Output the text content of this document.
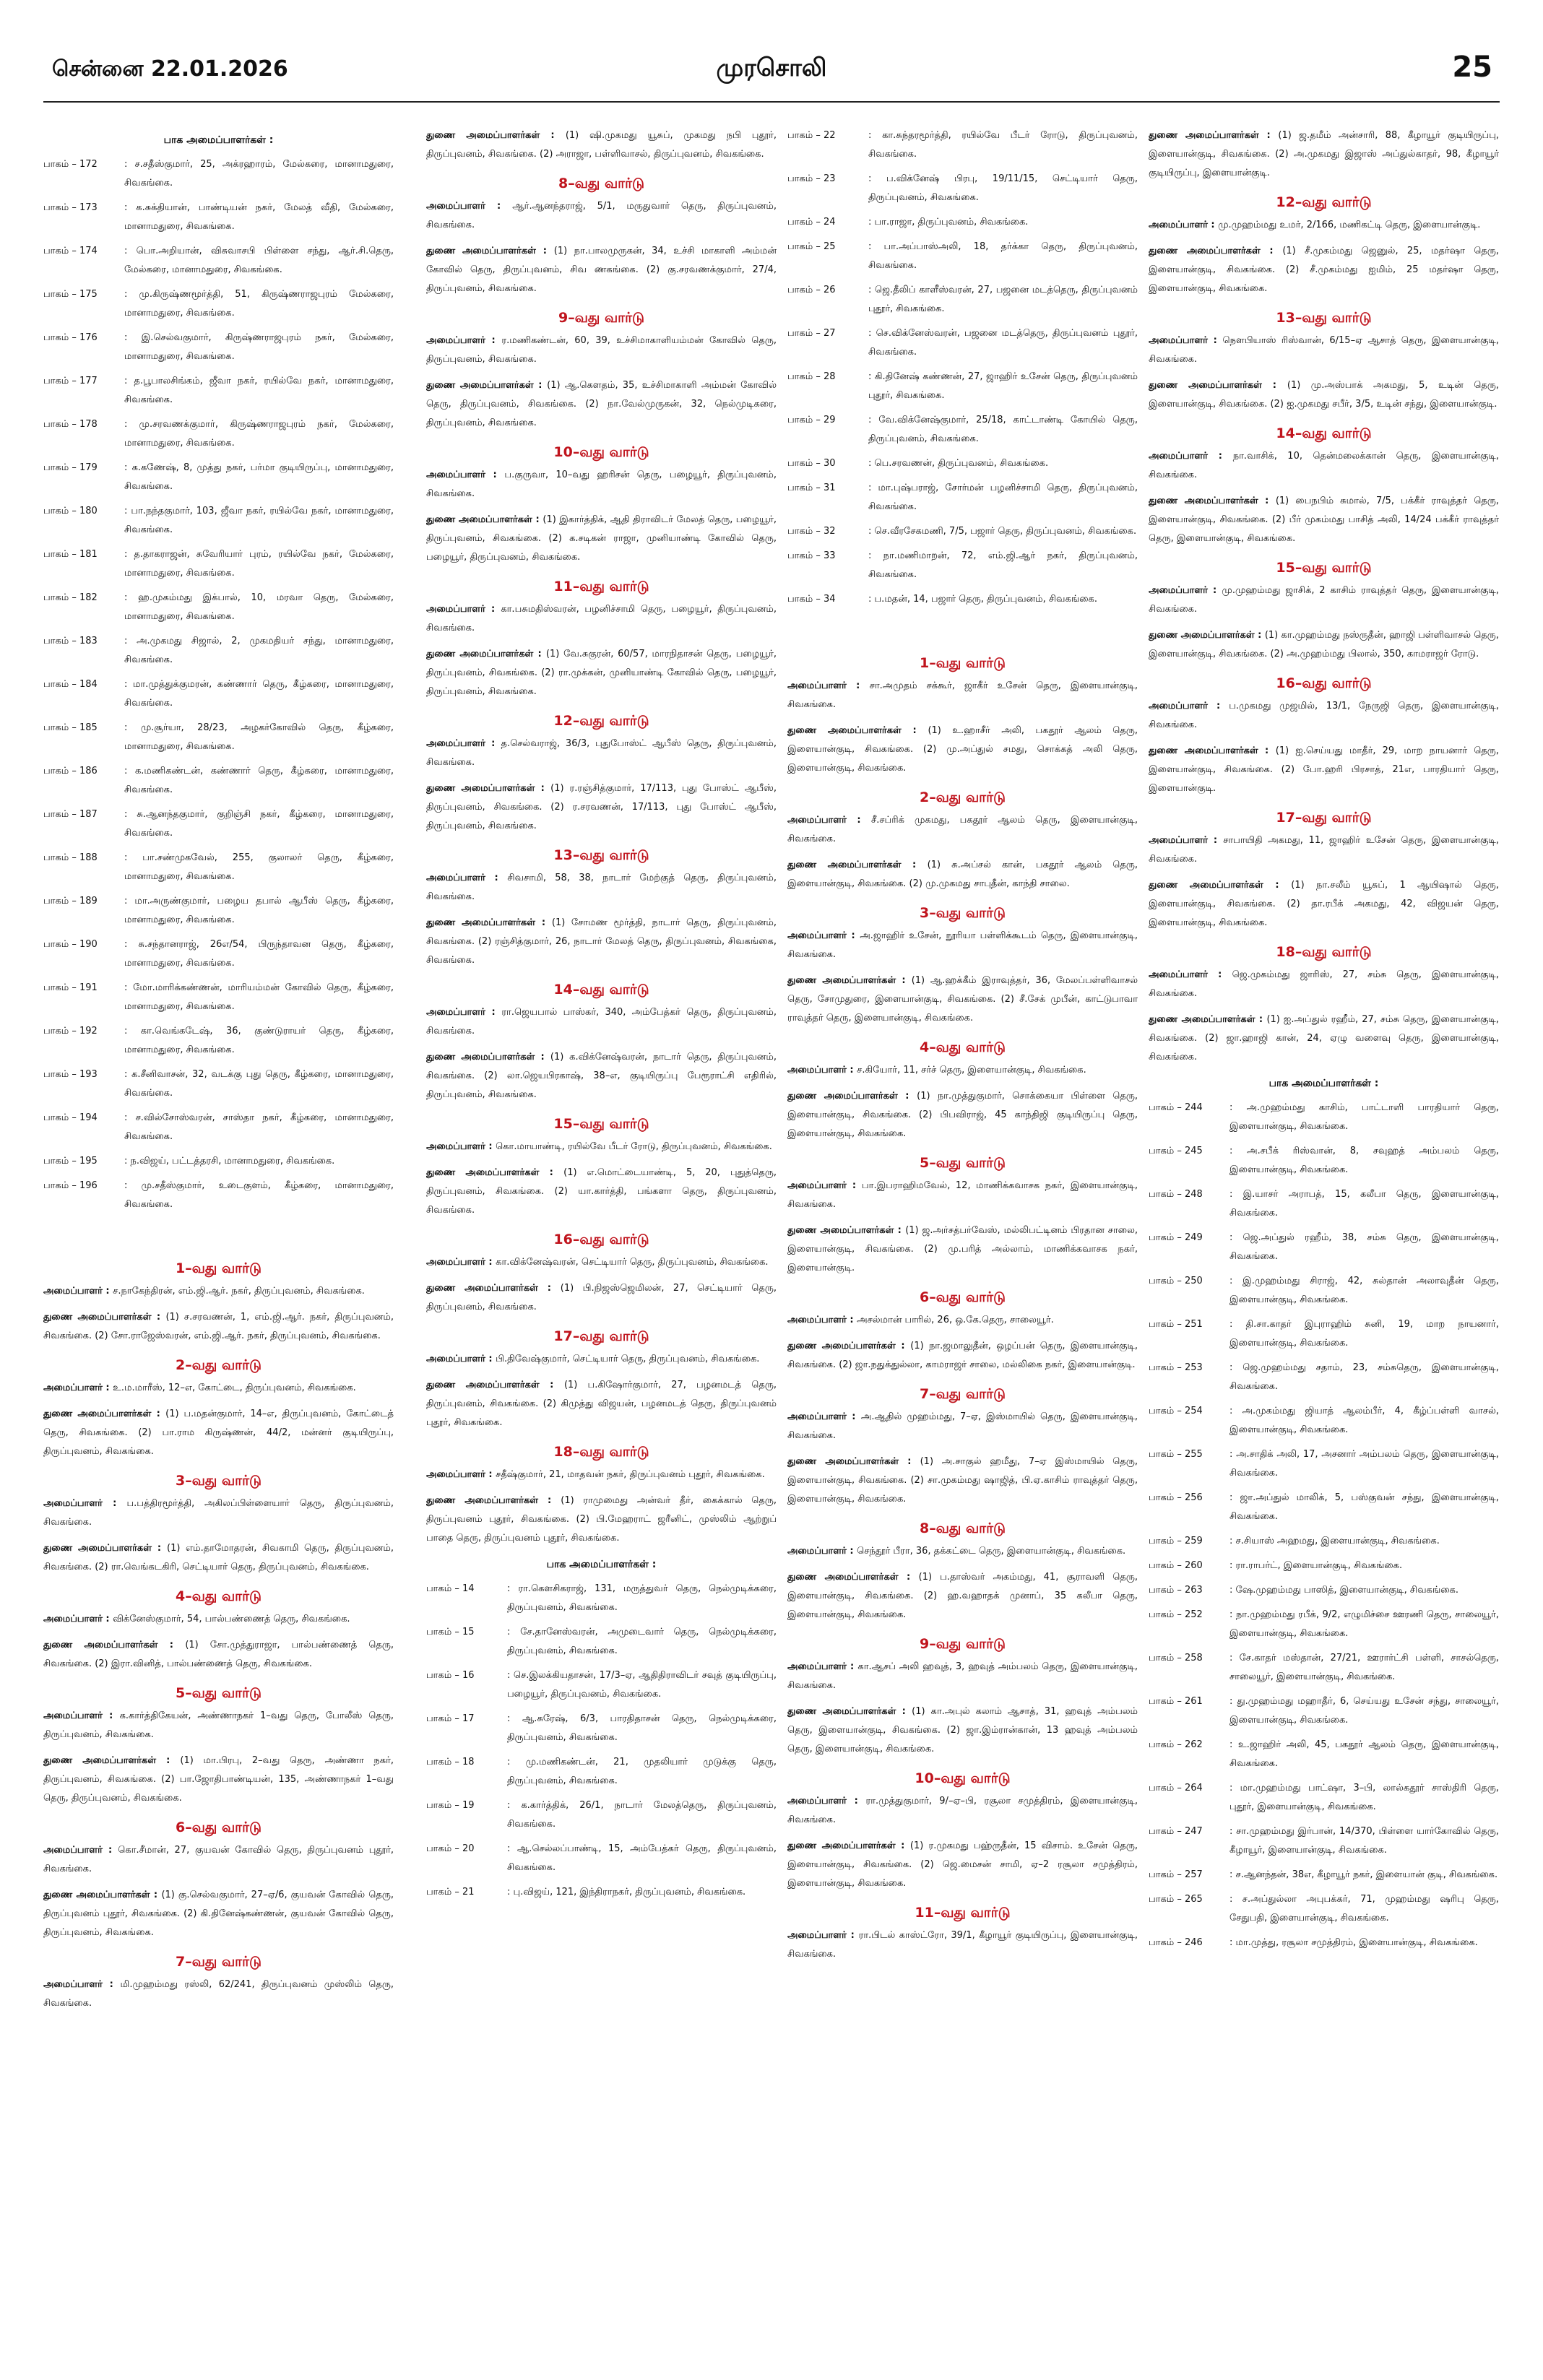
சென்னை 22.01.2026	முரசொலி	25
பாக அமைப்பாளர்கள் :
பாகம் – 172	: ச.சதீஸ்குமார், 25, அக்ரஹாரம், மேல்கரை, மானாமதுரை, சிவகங்கை.
பாகம் – 173	: க.சுக்தியான், பாண்டியன் நகர், மேலத் வீதி, மேல்கரை, மானாமதுரை, சிவகங்கை.
பாகம் – 174	: பொ.அறியான், விசுவாசபி பிள்ளை சந்து, ஆர்.சி.தெரு, மேல்கரை, மானாமதுரை, சிவகங்கை.
பாகம் – 175	: மு.கிருஷ்ணமூர்த்தி, 51, கிருஷ்ணராஜபுரம் மேல்கரை, மானாமதுரை, சிவகங்கை.
பாகம் – 176	: இ.செல்வகுமார், கிருஷ்ணராஜபுரம் நகர், மேல்கரை, மானாமதுரை, சிவகங்கை.
பாகம் – 177	: த.பூபாலசிங்கம், ஜீவா நகர், ரயில்வே நகர், மானாமதுரை, சிவகங்கை.
பாகம் – 178	: மு.சரவணக்குமார், கிருஷ்ணராஜபுரம் நகர், மேல்கரை, மானாமதுரை, சிவகங்கை.
பாகம் – 179	: க.கணேஷ், 8, முத்து நகர், பர்மா குடியிருப்பு, மானாமதுரை, சிவகங்கை.
பாகம் – 180	: பா.நந்தகுமார், 103, ஜீவா நகர், ரயில்வே நகர், மானாமதுரை, சிவகங்கை.
பாகம் – 181	: த.தாகராஜன், சுவேரியார் புரம், ரயில்வே நகர், மேல்கரை, மானாமதுரை, சிவகங்கை.
பாகம் – 182	: ஹ.முகம்மது இக்பால், 10, மரவா தெரு, மேல்கரை, மானாமதுரை, சிவகங்கை.
பாகம் – 183	: அ.முகமது சிஜால், 2, முகமதியர் சந்து, மானாமதுரை, சிவகங்கை.
பாகம் – 184	: மா.முத்துக்குமரன், கண்ணார் தெரு, கீழ்கரை, மானாமதுரை, சிவகங்கை.
பாகம் – 185	: மு.சூர்யா, 28/23, அழகர்கோவில் தெரு, கீழ்கரை, மானாமதுரை, சிவகங்கை.
பாகம் – 186	: க.மணிகண்டன், கண்ணார் தெரு, கீழ்கரை, மானாமதுரை, சிவகங்கை.
பாகம் – 187	: சு.ஆனந்தகுமார், குறிஞ்சி நகர், கீழ்கரை, மானாமதுரை, சிவகங்கை.
பாகம் – 188	: பா.சண்முகவேல், 255, குலாலர் தெரு, கீழ்கரை, மானாமதுரை, சிவகங்கை.
பாகம் – 189	: மா.அருண்குமார், பழைய தபால் ஆபீஸ் தெரு, கீழ்கரை, மானாமதுரை, சிவகங்கை.
பாகம் – 190	: சு.சந்தானராஜ், 26எ/54, பிருந்தாவன தெரு, கீழ்கரை, மானாமதுரை, சிவகங்கை.
பாகம் – 191	: மோ.மாரிக்கண்ணன், மாரியம்மன் கோவில் தெரு, கீழ்கரை, மானாமதுரை, சிவகங்கை.
பாகம் – 192	: கா.வெங்கடேஷ், 36, குண்டுராயர் தெரு, கீழ்கரை, மானாமதுரை, சிவகங்கை.
பாகம் – 193	: க.சீனிவாசன், 32, வடக்கு புது தெரு, கீழ்கரை, மானாமதுரை, சிவகங்கை.
பாகம் – 194	: ச.வில்சோஸ்வரன், சாஸ்தா நகர், கீழ்கரை, மானாமதுரை, சிவகங்கை.
பாகம் – 195	: ந.விஜய், பட்டத்தரசி, மானாமதுரை, சிவகங்கை.
பாகம் – 196	: மு.சதீஸ்குமார், உடைகுளம், கீழ்கரை, மானாமதுரை, சிவகங்கை.
1–வது வார்டு
அமைப்பாளர் : ச.நாகேந்திரன், எம்.ஜி.ஆர். நகர், திருப்புவனம், சிவகங்கை.
துணை அமைப்பாளர்கள் : (1) ச.சரவணன், 1, எம்.ஜி.ஆர். நகர், திருப்புவனம், சிவகங்கை. (2) சோ.ராஜேஸ்வரன், எம்.ஜி.ஆர். நகர், திருப்புவனம், சிவகங்கை.
2–வது வார்டு
அமைப்பாளர் : உ.ம.மாரீஸ், 12–எ, கோட்டை, திருப்புவனம், சிவகங்கை.
துணை அமைப்பாளர்கள் : (1) ப.மதன்குமார், 14–எ, திருப்புவனம், கோட்டைத் தெரு, சிவகங்கை. (2) பா.ராம கிருஷ்ணன், 44/2, மன்னர் குடியிருப்பு, திருப்புவனம், சிவகங்கை.
3–வது வார்டு
அமைப்பாளர் : ப.பத்திரமூர்த்தி, அகிலப்பிள்ளையார் தெரு, திருப்புவனம், சிவகங்கை.
துணை அமைப்பாளர்கள் : (1) எம்.தாமோதரன், சிவகாமி தெரு, திருப்புவனம், சிவகங்கை. (2) ரா.வெங்கடகிரி, செட்டியார் தெரு, திருப்புவனம், சிவகங்கை.
4–வது வார்டு
அமைப்பாளர் : விக்னேஸ்குமார், 54, பால்பண்ணைத் தெரு, சிவகங்கை.
துணை அமைப்பாளர்கள் : (1) சோ.முத்துராஜா, பால்பண்ணைத் தெரு, சிவகங்கை. (2) இரா.வினித், பால்பண்ணைத் தெரு, சிவகங்கை.
5–வது வார்டு
அமைப்பாளர் : க.கார்த்திகேயன், அண்ணாநகர் 1–வது தெரு, போலீஸ் தெரு, திருப்புவனம், சிவகங்கை.
துணை அமைப்பாளர்கள் : (1) மா.பிரபு, 2–வது தெரு, அண்ணா நகர், திருப்புவனம், சிவகங்கை. (2) பா.ஜோதிபாண்டியன், 135, அண்ணாநகர் 1–வது தெரு, திருப்புவனம், சிவகங்கை.
6–வது வார்டு
அமைப்பாளர் : கொ.சீமான், 27, குயவன் கோவில் தெரு, திருப்புவனம் புதூர், சிவகங்கை.
துணை அமைப்பாளர்கள் : (1) கு.செல்வகுமார், 27–ஏ/6, குயவன் கோவில் தெரு, திருப்புவனம் புதூர், சிவகங்கை. (2) கி.தினேஷ்கண்ணன், குயவன் கோவில் தெரு, திருப்புவனம், சிவகங்கை.
7–வது வார்டு
அமைப்பாளர் : மி.முஹம்மது ரஸ்லி, 62/241, திருப்புவனம் முஸ்லிம் தெரு, சிவகங்கை.
துணை அமைப்பாளர்கள் : (1) ஷி.முகமது யூசுப், முகமது நபி புதூர், திருப்புவனம், சிவகங்கை. (2) அராஜா, பள்ளிவாசல், திருப்புவனம், சிவகங்கை.
8–வது வார்டு
அமைப்பாளர் : ஆர்.ஆனந்தராஜ், 5/1, மருதுவார் தெரு, திருப்புவனம், சிவகங்கை.
துணை அமைப்பாளர்கள் : (1) நா.பாலமுருகன், 34, உச்சி மாகாளி அம்மன் கோவில் தெரு, திருப்புவனம், சிவ ணகங்கை. (2) கு.சரவணக்குமார், 27/4, திருப்புவனம், சிவகங்கை.
9–வது வார்டு
அமைப்பாளர் : ர.மணிகண்டன், 60, 39, உச்சிமாகாளியம்மன் கோவில் தெரு, திருப்புவனம், சிவகங்கை.
துணை அமைப்பாளர்கள் : (1) ஆ.கௌதம், 35, உச்சிமாகாளி அம்மன் கோவில் தெரு, திருப்புவனம், சிவகங்கை. (2) நா.வேல்முருகன், 32, நெல்முடிகரை, திருப்புவனம், சிவகங்கை.
10–வது வார்டு
அமைப்பாளர் : ப.குருவா, 10–வது ஹரிசன் தெரு, பழையூர், திருப்புவனம், சிவகங்கை.
துணை அமைப்பாளர்கள் : (1) இகார்த்திக், ஆதி திராவிடர் மேலத் தெரு, பழையூர், திருப்புவனம், சிவகங்கை. (2) க.சடிகன் ராஜா, முனியாண்டி கோவில் தெரு, பழையூர், திருப்புவனம், சிவகங்கை.
11–வது வார்டு
அமைப்பாளர் : கா.பசுமதிஸ்வரன், பழனிச்சாமி தெரு, பழையூர், திருப்புவனம், சிவகங்கை.
துணை அமைப்பாளர்கள் : (1) வே.சுகுரன், 60/57, மாரநிதாசன் தெரு, பழையூர், திருப்புவனம், சிவகங்கை. (2) ரா.முக்கன், முனியாண்டி கோவில் தெரு, பழையூர், திருப்புவனம், சிவகங்கை.
12–வது வார்டு
அமைப்பாளர் : த.செல்வராஜ், 36/3, புதுபோஸ்ட் ஆபீஸ் தெரு, திருப்புவனம், சிவகங்கை.
துணை அமைப்பாளர்கள் : (1) ர.ரஞ்சித்குமார், 17/113, புது போஸ்ட் ஆபீஸ், திருப்புவனம், சிவகங்கை. (2) ர.சரவணன், 17/113, புது போஸ்ட் ஆபீஸ், திருப்புவனம், சிவகங்கை.
13–வது வார்டு
அமைப்பாளர் : சிவசாமி, 58, 38, நாடார் மேற்குத் தெரு, திருப்புவனம், சிவகங்கை.
துணை அமைப்பாளர்கள் : (1) சோமண மூர்த்தி, நாடார் தெரு, திருப்புவனம், சிவகங்கை. (2) ரஞ்சித்குமார், 26, நாடார் மேலத் தெரு, திருப்புவனம், சிவகங்கை, சிவகங்கை.
14–வது வார்டு
அமைப்பாளர் : ரா.ஜெயபால் பாஸ்கர், 340, அம்பேத்கர் தெரு, திருப்புவனம், சிவகங்கை.
துணை அமைப்பாளர்கள் : (1) க.விக்னேஷ்வரன், நாடார் தெரு, திருப்புவனம், சிவகங்கை. (2) லா.ஜெயபிரகாஷ், 38–எ, குடியிருப்பு பேரூராட்சி எதிரில், திருப்புவனம், சிவகங்கை.
15–வது வார்டு
அமைப்பாளர் : கொ.மாயாண்டி, ரயில்வே பீடர் ரோடு, திருப்புவனம், சிவகங்கை.
துணை அமைப்பாளர்கள் : (1) எ.மொட்டையாண்டி, 5, 20, புதுத்தெரு, திருப்புவனம், சிவகங்கை. (2) யா.கார்த்தி, பங்களா தெரு, திருப்புவனம், சிவகங்கை.
16–வது வார்டு
அமைப்பாளர் : கா.விக்னேஷ்வரன், செட்டியார் தெரு, திருப்புவனம், சிவகங்கை.
துணை அமைப்பாளர்கள் : (1) பி.நிஜஸ்ஜெமிலன், 27, செட்டியார் தெரு, திருப்புவனம், சிவகங்கை.
17–வது வார்டு
அமைப்பாளர் : பி.திவேஷ்குமார், செட்டியார் தெரு, திருப்புவனம், சிவகங்கை.
துணை அமைப்பாளர்கள் : (1) ப.கிஷோர்குமார், 27, பழனமடத் தெரு, திருப்புவனம், சிவகங்கை. (2) கிமுத்து விஜயன், பழனமடத் தெரு, திருப்புவனம் புதூர், சிவகங்கை.
18–வது வார்டு
அமைப்பாளர் : சதீஷ்குமார், 21, மாதவன் நகர், திருப்புவனம் புதூர், சிவகங்கை.
துணை அமைப்பாளர்கள் : (1) ராமுமைது அன்வர் தீர், கைக்கால் தெரு, திருப்புவனம் புதூர், சிவகங்கை. (2) பி.மேஹராட் ஜரீனிட், முஸ்லிம் ஆற்றுப் பாதை தெரு, திருப்புவனம் புதூர், சிவகங்கை.
பாக அமைப்பாளர்கள் :
பாகம் – 14	: ரா.கௌசிகராஜ், 131, மருத்துவர் தெரு, நெல்முடிக்கரை, திருப்புவனம், சிவகங்கை.
பாகம் – 15	: சே.தானேஸ்வரன், அமுடைவார் தெரு, நெல்முடிக்கரை, திருப்புவனம், சிவகங்கை.
பாகம் – 16	: செ.இலக்கியதாசன், 17/3–ஏ, ஆதிதிராவிடர் சவுத் குடியிருப்பு, பழையூர், திருப்புவனம், சிவகங்கை.
பாகம் – 17	: ஆ.சுரேஷ், 6/3, பாரதிதாசன் தெரு, நெல்முடிக்கரை, திருப்புவனம், சிவகங்கை.
பாகம் – 18	: மு.மணிகண்டன், 21, முதலியார் முடுக்கு தெரு, திருப்புவனம், சிவகங்கை.
பாகம் – 19	: க.கார்த்திக், 26/1, நாடார் மேலத்தெரு, திருப்புவனம், சிவகங்கை.
பாகம் – 20	: ஆ.செல்லப்பாண்டி, 15, அம்பேத்கர் தெரு, திருப்புவனம், சிவகங்கை.
பாகம் – 21	: பு.விஜய், 121, இந்திராநகர், திருப்புவனம், சிவகங்கை.
பாகம் – 22	: கா.சுந்தரமூர்த்தி, ரயில்வே பீடர் ரோடு, திருப்புவனம், சிவகங்கை.
பாகம் – 23	: ப.விக்னேஷ் பிரபு, 19/11/15, செட்டியார் தெரு, திருப்புவனம், சிவகங்கை.
பாகம் – 24	: பா.ராஜா, திருப்புவனம், சிவகங்கை.
பாகம் – 25	: பா.அப்பாஸ்அலி, 18, தர்க்கா தெரு, திருப்புவனம், சிவகங்கை.
பாகம் – 26	: ஜெ.தீலிப் காளீஸ்வரன், 27, பஜனை மடத்தெரு, திருப்புவனம் புதூர், சிவகங்கை.
பாகம் – 27	: செ.விக்னேஸ்வரன், பஜனை மடத்தெரு, திருப்புவனம் புதூர், சிவகங்கை.
பாகம் – 28	: கி.தினேஷ் கண்ணன், 27, ஜாஹிர் உசேன் தெரு, திருப்புவனம் புதூர், சிவகங்கை.
பாகம் – 29	: வே.விக்னேஷ்குமார், 25/18, காட்டாண்டி கோயில் தெரு, திருப்புவனம், சிவகங்கை.
பாகம் – 30	: பெ.சரவணன், திருப்புவனம், சிவகங்கை.
பாகம் – 31	: மா.புஷ்பராஜ், சோர்மன் பழனிச்சாமி தெரு, திருப்புவனம், சிவகங்கை.
பாகம் – 32	: செ.வீரசேகமணி, 7/5, பஜார் தெரு, திருப்புவனம், சிவகங்கை.
பாகம் – 33	: நா.மணிமாறன், 72, எம்.ஜி.ஆர் நகர், திருப்புவனம், சிவகங்கை.
பாகம் – 34	: ப.மதன், 14, பஜார் தெரு, திருப்புவனம், சிவகங்கை.
1–வது வார்டு
அமைப்பாளர் : சா.அமுதம் சக்கூர், ஜாகீர் உசேன் தெரு, இளையான்குடி, சிவகங்கை.
துணை அமைப்பாளர்கள் : (1) உ.ஹாசீர் அலி, பகதூர் ஆலம் தெரு, இளையான்குடி, சிவகங்கை. (2) மு.அப்துல் சமது, சொக்கத் அலி தெரு, இளையான்குடி, சிவகங்கை.
2–வது வார்டு
அமைப்பாளர் : சீ.சப்ரிக் முகமது, பகதூர் ஆலம் தெரு, இளையான்குடி, சிவகங்கை.
துணை அமைப்பாளர்கள் : (1) சு.அப்சல் கான், பகதூர் ஆலம் தெரு, இளையான்குடி, சிவகங்கை. (2) மு.முகமது சாபுதீன், காந்தி சாலை.
3–வது வார்டு
அமைப்பாளர் : அ.ஜாஹிர் உசேன், நூரியா பள்ளிக்கூடம் தெரு, இளையான்குடி, சிவகங்கை.
துணை அமைப்பாளர்கள் : (1) ஆ.ஹக்கீம் இராவுத்தர், 36, மேலப்பள்ளிவாசல் தெரு, சோமுதுரை, இளையான்குடி, சிவகங்கை. (2) சீ.சேக் முபீன், காட்டுபாவா ராவுத்தர் தெரு, இளையான்குடி, சிவகங்கை.
4–வது வார்டு
அமைப்பாளர் : ச.கியோர், 11, சர்ச் தெரு, இளையான்குடி, சிவகங்கை.
துணை அமைப்பாளர்கள் : (1) நா.முத்துகுமார், சொக்கையா பிள்ளை தெரு, இளையான்குடி, சிவகங்கை. (2) பிபவிராஜ், 45 காந்திஜி குடியிருப்பு தெரு, இளையான்குடி, சிவகங்கை.
5–வது வார்டு
அமைப்பாளர் : பா.இபராஹிமவேல், 12, மாணிக்கவாசக நகர், இளையான்குடி, சிவகங்கை.
துணை அமைப்பாளர்கள் : (1) ஜ.அர்சத்பர்வேஸ், மல்லிபட்டினம் பிரதான சாலை, இளையான்குடி, சிவகங்கை. (2) மு.பரித் அல்லாம், மாணிக்கவாசக நகர், இளையான்குடி.
6–வது வார்டு
அமைப்பாளர் : அசல்மான் பாரில், 26, ஒ.கே.தெரு, சாலையூர்.
துணை அமைப்பாளர்கள் : (1) நா.ஜமாலுதீன், ஒழப்பன் தெரு, இளையான்குடி, சிவகங்கை. (2) ஜா.நதுக்துல்லா, காமராஜர் சாலை, மல்லிகை நகர், இளையான்குடி.
7–வது வார்டு
அமைப்பாளர் : அ.ஆதில் முஹம்மது, 7–ஏ, இஸ்மாயில் தெரு, இளையான்குடி, சிவகங்கை.
துணை அமைப்பாளர்கள் : (1) அ.சாகுல் ஹமீது, 7–ஏ இஸ்மாயில் தெரு, இளையான்குடி, சிவகங்கை. (2) சா.முகம்மது ஷாஜித், பி.ஏ.காசிம் ராவுத்தர் தெரு, இளையான்குடி, சிவகங்கை.
8–வது வார்டு
அமைப்பாளர் : செந்தூர் பீரா, 36, தக்கட்டை தெரு, இளையான்குடி, சிவகங்கை.
துணை அமைப்பாளர்கள் : (1) ப.தாஸ்வர் அகம்மது, 41, சூராவளி தெரு, இளையான்குடி, சிவகங்கை. (2) ஹ.வஹாதக் முனாப், 35 கலீபா தெரு, இளையான்குடி, சிவகங்கை.
9–வது வார்டு
அமைப்பாளர் : கா.ஆசப் அலி ஹவுத், 3, ஹவுத் அம்பலம் தெரு, இளையான்குடி, சிவகங்கை.
துணை அமைப்பாளர்கள் : (1) கா.அபுல் கலாம் ஆசாத், 31, ஹவுத் அம்பலம் தெரு, இளையான்குடி, சிவகங்கை. (2) ஜா.இம்ரான்கான், 13 ஹவுத் அம்பலம் தெரு, இளையான்குடி, சிவகங்கை.
10–வது வார்டு
அமைப்பாளர் : ரா.முத்துகுமார், 9/–ஏ–பி, ரசூலா சமுத்திரம், இளையான்குடி, சிவகங்கை.
துணை அமைப்பாளர்கள் : (1) ர.முகமது பஹ்ருதீன், 15 விசாம். உசேன் தெரு, இளையான்குடி, சிவகங்கை. (2) ஜெ.மைசன் சாமி, ஏ–2 ரசூலா சமுத்திரம், இளையான்குடி, சிவகங்கை.
11–வது வார்டு
அமைப்பாளர் : ரா.பிடல் காஸ்ட்ரோ, 39/1, கீழாயூர் குடியிருப்பு, இளையான்குடி, சிவகங்கை.
துணை அமைப்பாளர்கள் : (1) ஜ.தமீம் அன்சாரி, 88, கீழாயூர் குடியிருப்பு, இளையான்குடி, சிவகங்கை. (2) அ.முகமது இஜாஸ் அப்துல்காதர், 98, கீழாயூர் குடியிருப்பு, இளையான்குடி.
12–வது வார்டு
அமைப்பாளர் : மு.முஹம்மது உமர், 2/166, மணிகட்டி தெரு, இளையான்குடி.
துணை அமைப்பாளர்கள் : (1) சீ.முகம்மது ஜெனுல், 25, மதர்ஷா தெரு, இளையான்குடி, சிவகங்கை. (2) சீ.முகம்மது ஐமிம், 25 மதர்ஷா தெரு, இளையான்குடி, சிவகங்கை.
13–வது வார்டு
அமைப்பாளர் : நௌபியாஸ் ரிஸ்வான், 6/15–ஏ ஆசாத் தெரு, இளையான்குடி, சிவகங்கை.
துணை அமைப்பாளர்கள் : (1) மு.அஸ்பாக் அகமது, 5, உடின் தெரு, இளையான்குடி, சிவகங்கை. (2) ஐ.முகமது சபீர், 3/5, உடின் சந்து, இளையான்குடி.
14–வது வார்டு
அமைப்பாளர் : நா.வாசிக், 10, தென்மலைக்கான் தெரு, இளையான்குடி, சிவகங்கை.
துணை அமைப்பாளர்கள் : (1) பைநபிம் சுமால், 7/5, பக்கீர் ராவுத்தர் தெரு, இளையான்குடி, சிவகங்கை. (2) பீர் முகம்மது பாசித் அலி, 14/24 பக்கீர் ராவுத்தர் தெரு, இளையான்குடி, சிவகங்கை.
15–வது வார்டு
அமைப்பாளர் : மு.முஹம்மது ஜாசிக், 2 காசிம் ராவுத்தர் தெரு, இளையான்குடி, சிவகங்கை.
துணை அமைப்பாளர்கள் : (1) கா.முஹம்மது நஸ்ருதீன், ஹாஜி பள்ளிவாசல் தெரு, இளையான்குடி, சிவகங்கை. (2) அ.முஹம்மது பிலால், 350, காமராஜர் ரோடு.
16–வது வார்டு
அமைப்பாளர் : ப.முகமது முஜமில், 13/1, நேருஜி தெரு, இளையான்குடி, சிவகங்கை.
துணை அமைப்பாளர்கள் : (1) ஐ.செய்யது மாதீர், 29, மாற நாயனார் தெரு, இளையான்குடி, சிவகங்கை. (2) போ.ஹரி பிரசாத், 21எ, பாரதியார் தெரு, இளையான்குடி.
17–வது வார்டு
அமைப்பாளர் : சாபாயிதி அகமது, 11, ஜாஹிர் உசேன் தெரு, இளையான்குடி, சிவகங்கை.
துணை அமைப்பாளர்கள் : (1) நா.சலீம் யூசுப், 1 ஆயிஷால் தெரு, இளையான்குடி, சிவகங்கை. (2) தா.ரபீக் அகமது, 42, விஜயன் தெரு, இளையான்குடி, சிவகங்கை.
18–வது வார்டு
அமைப்பாளர் : ஜெ.முகம்மது ஜாரிஸ், 27, சம்சு தெரு, இளையான்குடி, சிவகங்கை.
துணை அமைப்பாளர்கள் : (1) ஐ.அப்துல் ரஹீம், 27, சம்சு தெரு, இளையான்குடி, சிவகங்கை. (2) ஜா.ஹாஜி கான், 24, ஏழு வளைவு தெரு, இளையான்குடி, சிவகங்கை.
பாக அமைப்பாளர்கள் :
பாகம் – 244	: அ.முஹம்மது காசிம், பாட்டாளி பாரதியார் தெரு, இளையான்குடி, சிவகங்கை.
பாகம் – 245	: அ.சபீக் ரிஸ்வான், 8, சவுஹத் அம்பலம் தெரு, இளையான்குடி, சிவகங்கை.
பாகம் – 248	: இ.யாசர் அராபத், 15, கலீபா தெரு, இளையான்குடி, சிவகங்கை.
பாகம் – 249	: ஜெ.அப்துல் ரஹீம், 38, சம்சு தெரு, இளையான்குடி, சிவகங்கை.
பாகம் – 250	: இ.முஹம்மது சிராஜ், 42, சுல்தான் அலாவுதீன் தெரு, இளையான்குடி, சிவகங்கை.
பாகம் – 251	: தி.சா.காதர் இபுராஹிம் சுனி, 19, மாற நாயனார், இளையான்குடி, சிவகங்கை.
பாகம் – 253	: ஜெ.முஹம்மது சதாம், 23, சம்சுதெரு, இளையான்குடி, சிவகங்கை.
பாகம் – 254	: அ.முகம்மது ஜியாத் ஆலம்பீர், 4, கீழ்ப்பள்ளி வாசல், இளையான்குடி, சிவகங்கை.
பாகம் – 255	: அ.சாதிக் அலி, 17, அசனார் அம்பலம் தெரு, இளையான்குடி, சிவகங்கை.
பாகம் – 256	: ஜா.அப்துல் மாலிக், 5, பஸ்குவன் சந்து, இளையான்குடி, சிவகங்கை.
பாகம் – 259	: ச.சியாஸ் அஹமது, இளையான்குடி, சிவகங்கை.
பாகம் – 260	: ரா.ராபர்ட், இளையான்குடி, சிவகங்கை.
பாகம் – 263	: ஷே.முஹம்மது பாஸித், இளையான்குடி, சிவகங்கை.
பாகம் – 252	: நா.முஹம்மது ரபீக், 9/2, எழுமிச்சை ஊரணி தெரு, சாலையூர், இளையான்குடி, சிவகங்கை.
பாகம் – 258	: சே.காதர் மஸ்தான், 27/21, ஊரார்ட்சி பள்ளி, சாசல்தெரு, சாலையூர், இளையான்குடி, சிவகங்கை.
பாகம் – 261	: து.முஹம்மது மஹாதீர், 6, செய்யது உசேன் சந்து, சாலையூர், இளையான்குடி, சிவகங்கை.
பாகம் – 262	: உ.ஜாஹிர் அலி, 45, பகதூர் ஆலம் தெரு, இளையான்குடி, சிவகங்கை.
பாகம் – 264	: மா.முஹம்மது பாட்ஷா, 3–பி, லால்கதூர் சாஸ்திரி தெரு, புதூர், இளையான்குடி, சிவகங்கை.
பாகம் – 247	: சா.முஹம்மது இர்பான், 14/370, பிள்ளை யார்கோவில் தெரு, கீழாயூர், இளையான்குடி, சிவகங்கை.
பாகம் – 257	: ச.ஆனந்தன், 38எ, கீழாயூர் நகர், இளையான் குடி, சிவகங்கை.
பாகம் – 265	: ச.அப்துல்லா அபுபக்கர், 71, முஹம்மது ஷரிபு தெரு, சேதுபதி, இளையான்குடி, சிவகங்கை.
பாகம் – 246	: மா.முத்து, ரசூலா சமுத்திரம், இளையான்குடி, சிவகங்கை.
